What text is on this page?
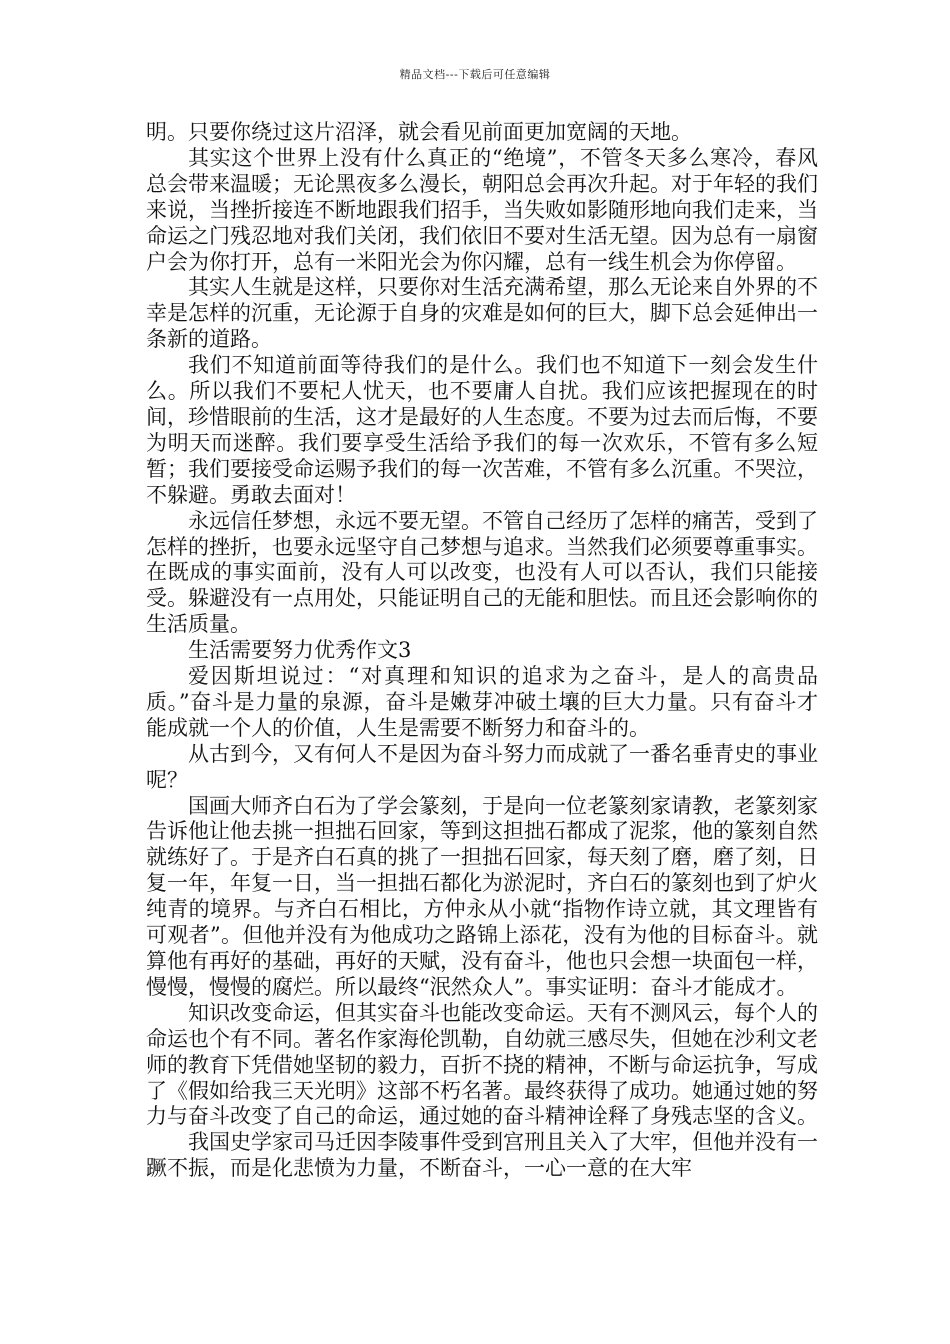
精品文档---下载后可任意编辑

明。只要你绕过这片沼泽，就会看见前面更加宽阔的天地。

其实这个世界上没有什么真正的“绝境”，不管冬天多么寒冷，春风总会带来温暖；无论黑夜多么漫长，朝阳总会再次升起。对于年轻的我们来说，当挫折接连不断地跟我们招手，当失败如影随形地向我们走来，当命运之门残忍地对我们关闭，我们依旧不要对生活无望。因为总有一扇窗户会为你打开，总有一米阳光会为你闪耀，总有一线生机会为你停留。

其实人生就是这样，只要你对生活充满希望，那么无论来自外界的不幸是怎样的沉重，无论源于自身的灾难是如何的巨大，脚下总会延伸出一条新的道路。

我们不知道前面等待我们的是什么。我们也不知道下一刻会发生什么。所以我们不要杞人忧天，也不要庸人自扰。我们应该把握现在的时间，珍惜眼前的生活，这才是最好的人生态度。不要为过去而后悔，不要为明天而迷醉。我们要享受生活给予我们的每一次欢乐，不管有多么短暂；我们要接受命运赐予我们的每一次苦难，不管有多么沉重。不哭泣，不躲避。勇敢去面对！

永远信任梦想，永远不要无望。不管自己经历了怎样的痛苦，受到了怎样的挫折，也要永远坚守自己梦想与追求。当然我们必须要尊重事实。在既成的事实面前，没有人可以改变，也没有人可以否认，我们只能接受。躲避没有一点用处，只能证明自己的无能和胆怯。而且还会影响你的生活质量。

生活需要努力优秀作文3

爱因斯坦说过：“对真理和知识的追求为之奋斗，是人的高贵品质。”奋斗是力量的泉源，奋斗是嫩芽冲破土壤的巨大力量。只有奋斗才能成就一个人的价值，人生是需要不断努力和奋斗的。

从古到今，又有何人不是因为奋斗努力而成就了一番名垂青史的事业呢？

国画大师齐白石为了学会篆刻，于是向一位老篆刻家请教，老篆刻家告诉他让他去挑一担拙石回家，等到这担拙石都成了泥浆，他的篆刻自然就练好了。于是齐白石真的挑了一担拙石回家，每天刻了磨，磨了刻，日复一年，年复一日，当一担拙石都化为淤泥时，齐白石的篆刻也到了炉火纯青的境界。与齐白石相比，方仲永从小就“指物作诗立就，其文理皆有可观者”。但他并没有为他成功之路锦上添花，没有为他的目标奋斗。就算他有再好的基础，再好的天赋，没有奋斗，他也只会想一块面包一样，慢慢，慢慢的腐烂。所以最终“泯然众人”。事实证明：奋斗才能成才。

知识改变命运，但其实奋斗也能改变命运。天有不测风云，每个人的命运也个有不同。著名作家海伦凯勒，自幼就三感尽失，但她在沙利文老师的教育下凭借她坚韧的毅力，百折不挠的精神，不断与命运抗争，写成了《假如给我三天光明》这部不朽名著。最终获得了成功。她通过她的努力与奋斗改变了自己的命运，通过她的奋斗精神诠释了身残志坚的含义。

我国史学家司马迁因李陵事件受到宫刑且关入了大牢，但他并没有一蹶不振，而是化悲愤为力量，不断奋斗，一心一意的在大牢
